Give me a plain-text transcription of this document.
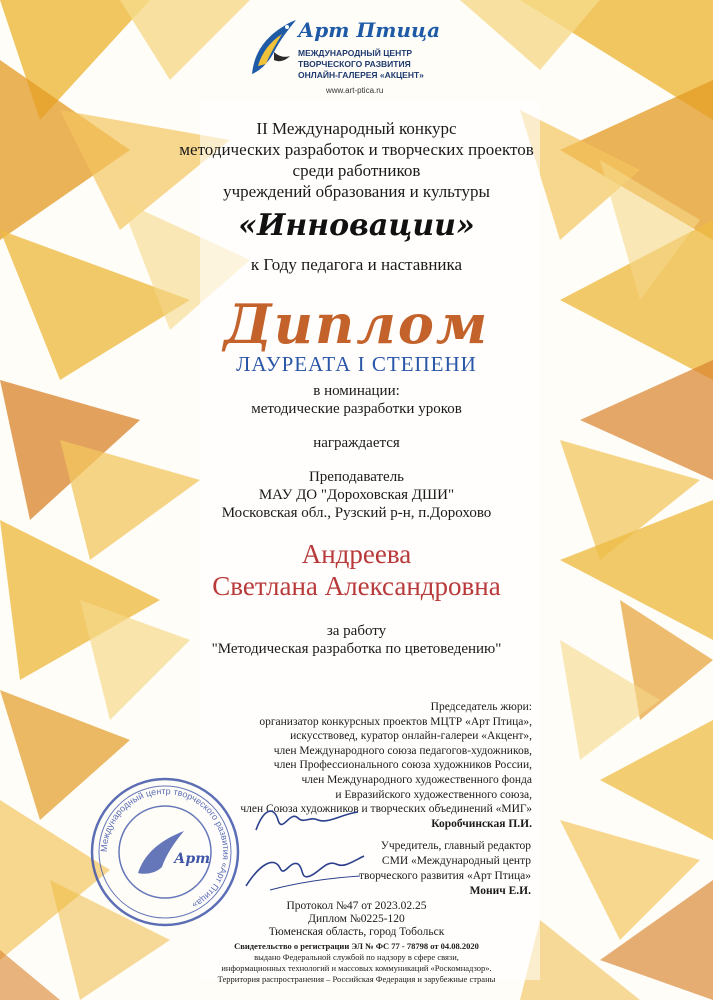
Арт Птица
МЕЖДУНАРОДНЫЙ ЦЕНТР
ТВОРЧЕСКОГО РАЗВИТИЯ
ОНЛАЙН-ГАЛЕРЕЯ «АКЦЕНТ»
www.art-ptica.ru
II Международный конкурс
методических разработок и творческих проектов
среди работников
учреждений образования и культуры
«Инновации»
к Году педагога и наставника
Диплом
ЛАУРЕАТА I СТЕПЕНИ
в номинации:
методические разработки уроков
награждается
Преподаватель
МАУ ДО "Дороховская ДШИ"
Московская обл., Рузский р-н, п.Дорохово
Андреева
Светлана Александровна
за работу
"Методическая разработка по цветоведению"
Международный центр творческого развития «Арт Птица»
Арт
Председатель жюри:
организатор конкурсных проектов МЦТР «Арт Птица»,
искусствовед, куратор онлайн-галереи «Акцент»,
член Международного союза педагогов-художников,
член Профессионального союза художников России,
член Международного художественного фонда
и Евразийского художественного союза,
член Союза художников и творческих объединений «МИГ»
Коробчинская П.И.
Учредитель, главный редактор
СМИ «Международный центр
творческого развития «Арт Птица»
Монич Е.И.
Протокол №47 от 2023.02.25
Диплом №0225-120
Тюменская область, город Тобольск
Свидетельство о регистрации ЭЛ № ФС 77 - 78798 от 04.08.2020
выдано Федеральной службой по надзору в сфере связи,
информационных технологий и массовых коммуникаций «Роскомнадзор».
Территория распространения – Российская Федерация и зарубежные страны
